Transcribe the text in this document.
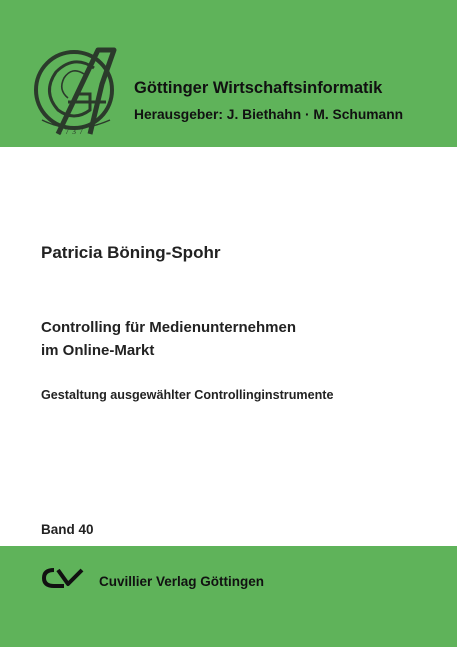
1737
Göttinger Wirtschaftsinformatik
Herausgeber: J. Biethahn · M. Schumann
Patricia Böning-Spohr
Controlling für Medienunternehmen
im Online-Markt
Gestaltung ausgewählter Controllinginstrumente
Band 40
Cuvillier Verlag Göttingen
